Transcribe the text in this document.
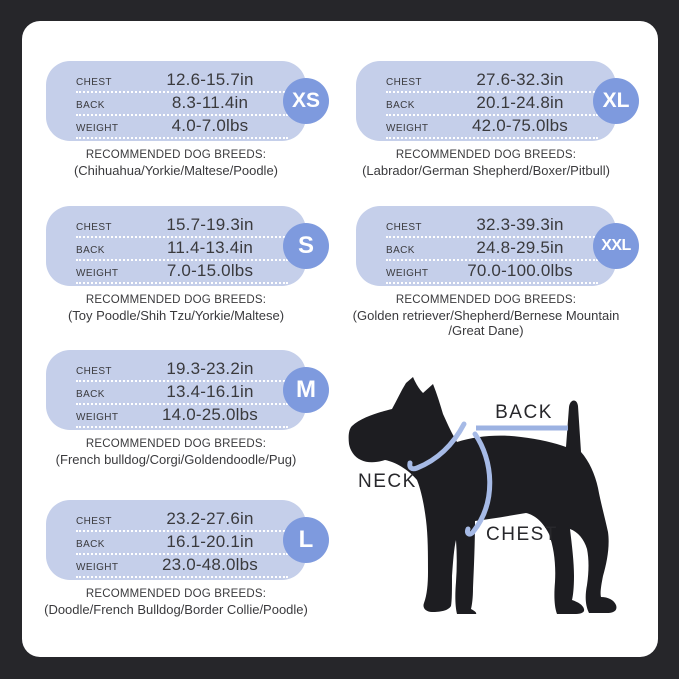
CHEST	12.6-15.7in
BACK	8.3-11.4in
WEIGHT	4.0-7.0lbs
XS
RECOMMENDED DOG BREEDS:
(Chihuahua/Yorkie/Maltese/Poodle)
CHEST	27.6-32.3in
BACK	20.1-24.8in
WEIGHT	42.0-75.0lbs
XL
RECOMMENDED DOG BREEDS:
(Labrador/German Shepherd/Boxer/Pitbull)
CHEST	15.7-19.3in
BACK	11.4-13.4in
WEIGHT	7.0-15.0lbs
S
RECOMMENDED DOG BREEDS:
(Toy Poodle/Shih Tzu/Yorkie/Maltese)
CHEST	32.3-39.3in
BACK	24.8-29.5in
WEIGHT	70.0-100.0lbs
XXL
RECOMMENDED DOG BREEDS:
(Golden retriever/Shepherd/Bernese Mountain
/Great Dane)
CHEST	19.3-23.2in
BACK	13.4-16.1in
WEIGHT	14.0-25.0lbs
M
RECOMMENDED DOG BREEDS:
(French bulldog/Corgi/Goldendoodle/Pug)
CHEST	23.2-27.6in
BACK	16.1-20.1in
WEIGHT	23.0-48.0lbs
L
RECOMMENDED DOG BREEDS:
(Doodle/French Bulldog/Border Collie/Poodle)
BACK
NECK
CHEST
